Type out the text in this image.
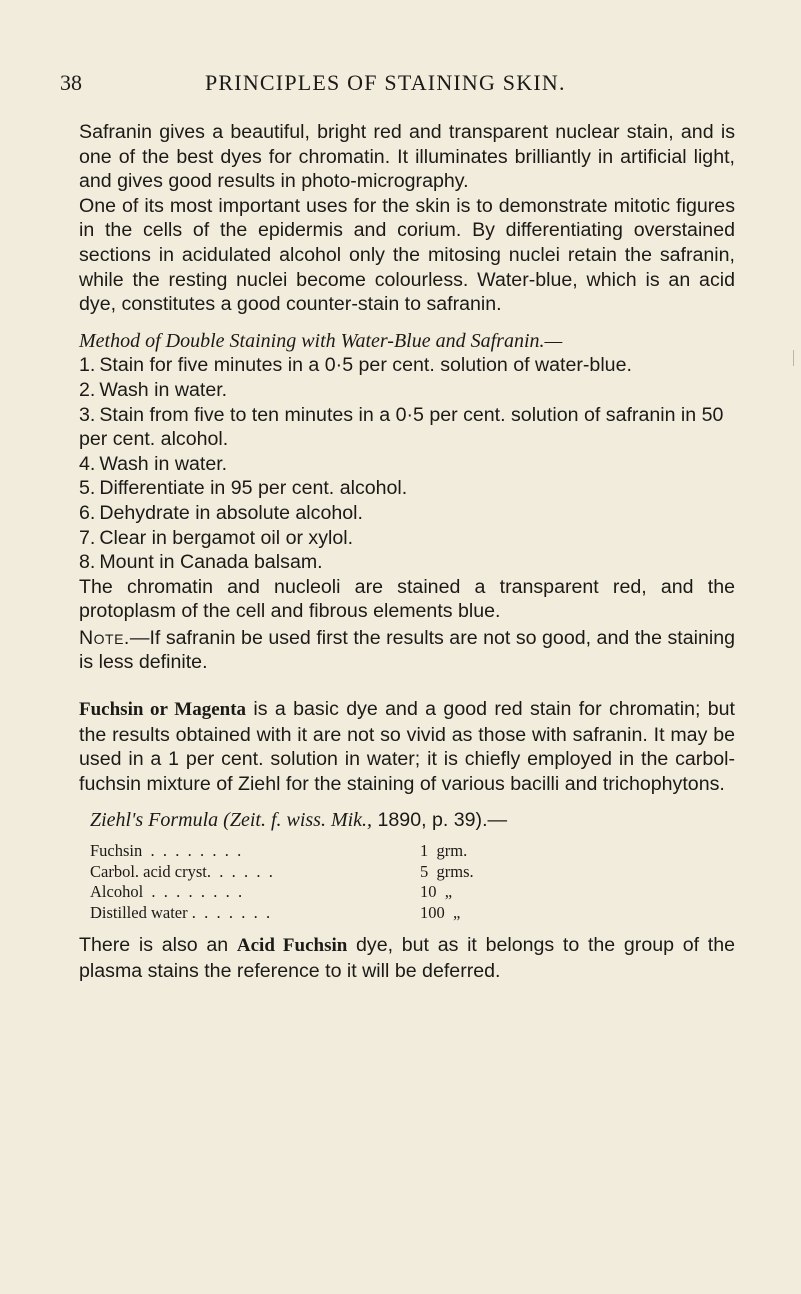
38	PRINCIPLES OF STAINING SKIN.

Safranin gives a beautiful, bright red and transparent nuclear stain, and is one of the best dyes for chromatin. It illuminates brilliantly in artificial light, and gives good results in photo-micrography.

One of its most important uses for the skin is to demonstrate mitotic figures in the cells of the epidermis and corium. By differentiating overstained sections in acidulated alcohol only the mitosing nuclei retain the safranin, while the resting nuclei become colourless. Water-blue, which is an acid dye, constitutes a good counter-stain to safranin.

Method of Double Staining with Water-Blue and Safranin.—

1. Stain for five minutes in a 0·5 per cent. solution of water-blue.
2. Wash in water.
3. Stain from five to ten minutes in a 0·5 per cent. solution of safranin in 50 per cent. alcohol.
4. Wash in water.
5. Differentiate in 95 per cent. alcohol.
6. Dehydrate in absolute alcohol.
7. Clear in bergamot oil or xylol.
8. Mount in Canada balsam.

The chromatin and nucleoli are stained a transparent red, and the protoplasm of the cell and fibrous elements blue.

Note.—If safranin be used first the results are not so good, and the staining is less definite.

Fuchsin or Magenta is a basic dye and a good red stain for chromatin; but the results obtained with it are not so vivid as those with safranin. It may be used in a 1 per cent. solution in water; it is chiefly employed in the carbol-fuchsin mixture of Ziehl for the staining of various bacilli and trichophytons.

Ziehl's Formula (Zeit. f. wiss. Mik., 1890, p. 39).—

Fuchsin  .  .  .  .  .  .  .  .	1  grm.
Carbol. acid cryst.  .  .  .  .  .	5  grms.
Alcohol  .  .  .  .  .  .  .  .	10  „
Distilled water .  .  .  .  .  .  .	100  „

There is also an Acid Fuchsin dye, but as it belongs to the group of the plasma stains the reference to it will be deferred.
